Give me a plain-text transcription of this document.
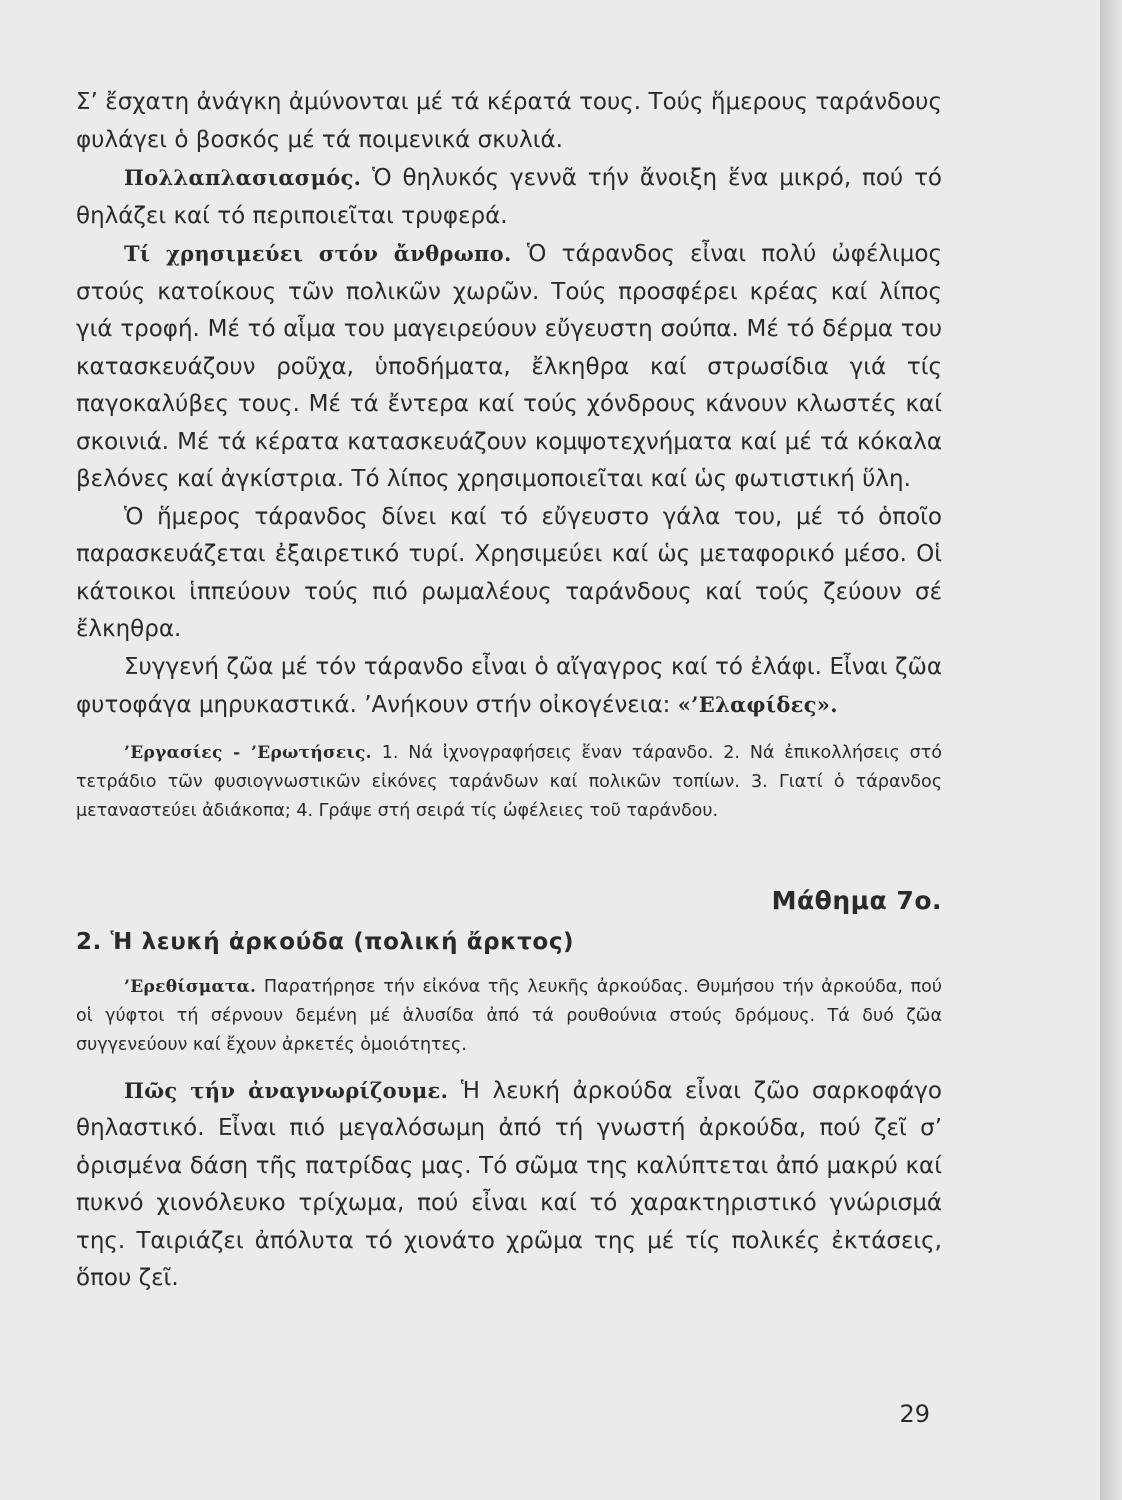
Σ’ ἔσχατη ἀνάγκη ἀμύνονται μέ τά κέρατά τους. Τούς ἥμερους ταράνδους φυλάγει ὁ βοσκός μέ τά ποιμενικά σκυλιά.

Πολλαπλασιασμός. Ὁ θηλυκός γεννᾶ τήν ἄνοιξη ἕνα μικρό, πού τό θηλάζει καί τό περιποιεῖται τρυφερά.

Τί χρησιμεύει στόν ἄνθρωπο. Ὁ τάρανδος εἶναι πολύ ὠφέλιμος στούς κατοίκους τῶν πολικῶν χωρῶν. Τούς προσφέρει κρέας καί λίπος γιά τροφή. Μέ τό αἷμα του μαγειρεύουν εὔγευστη σούπα. Μέ τό δέρμα του κατασκευάζουν ροῦχα, ὑποδήματα, ἔλκηθρα καί στρωσίδια γιά τίς παγοκαλύβες τους. Μέ τά ἔντερα καί τούς χόνδρους κάνουν κλωστές καί σκοινιά. Μέ τά κέρατα κατασκευάζουν κομψοτεχνήματα καί μέ τά κόκαλα βελόνες καί ἀγκίστρια. Τό λίπος χρησιμοποιεῖται καί ὡς φωτιστική ὕλη.

Ὁ ἥμερος τάρανδος δίνει καί τό εὔγευστο γάλα του, μέ τό ὁποῖο παρασκευάζεται ἐξαιρετικό τυρί. Χρησιμεύει καί ὡς μεταφορικό μέσο. Οἱ κάτοικοι ἱππεύουν τούς πιό ρωμαλέους ταράνδους καί τούς ζεύουν σέ ἔλκηθρα.

Συγγενή ζῶα μέ τόν τάρανδο εἶναι ὁ αἴγαγρος καί τό ἐλάφι. Εἶναι ζῶα φυτοφάγα μηρυκαστικά. ’Ανήκουν στήν οἰκογένεια: «’Ελαφίδες».

’Εργασίες - ’Ερωτήσεις. 1. Νά ἰχνογραφήσεις ἕναν τάρανδο. 2. Νά ἐπικολλήσεις στό τετράδιο τῶν φυσιογνωστικῶν εἰκόνες ταράνδων καί πολικῶν τοπίων. 3. Γιατί ὁ τάρανδος μεταναστεύει ἀδιάκοπα; 4. Γράψε στή σειρά τίς ὠφέλειες τοῦ ταράνδου.

Μάθημα 7ο.

2. Ἡ λευκή ἀρκούδα (πολική ἄρκτος)

’Ερεθίσματα. Παρατήρησε τήν εἰκόνα τῆς λευκῆς ἀρκούδας. Θυμήσου τήν ἀρκούδα, πού οἱ γύφτοι τή σέρνουν δεμένη μέ ἁλυσίδα ἀπό τά ρουθούνια στούς δρόμους. Τά δυό ζῶα συγγενεύουν καί ἔχουν ἀρκετές ὁμοιότητες.

Πῶς τήν ἀναγνωρίζουμε. Ἡ λευκή ἀρκούδα εἶναι ζῶο σαρκοφάγο θηλαστικό. Εἶναι πιό μεγαλόσωμη ἀπό τή γνωστή ἀρκούδα, πού ζεῖ σ’ ὁρισμένα δάση τῆς πατρίδας μας. Τό σῶμα της καλύπτεται ἀπό μακρύ καί πυκνό χιονόλευκο τρίχωμα, πού εἶναι καί τό χαρακτηριστικό γνώρισμά της. Ταιριάζει ἀπόλυτα τό χιονάτο χρῶμα της μέ τίς πολικές ἐκτάσεις, ὅπου ζεῖ.

29
